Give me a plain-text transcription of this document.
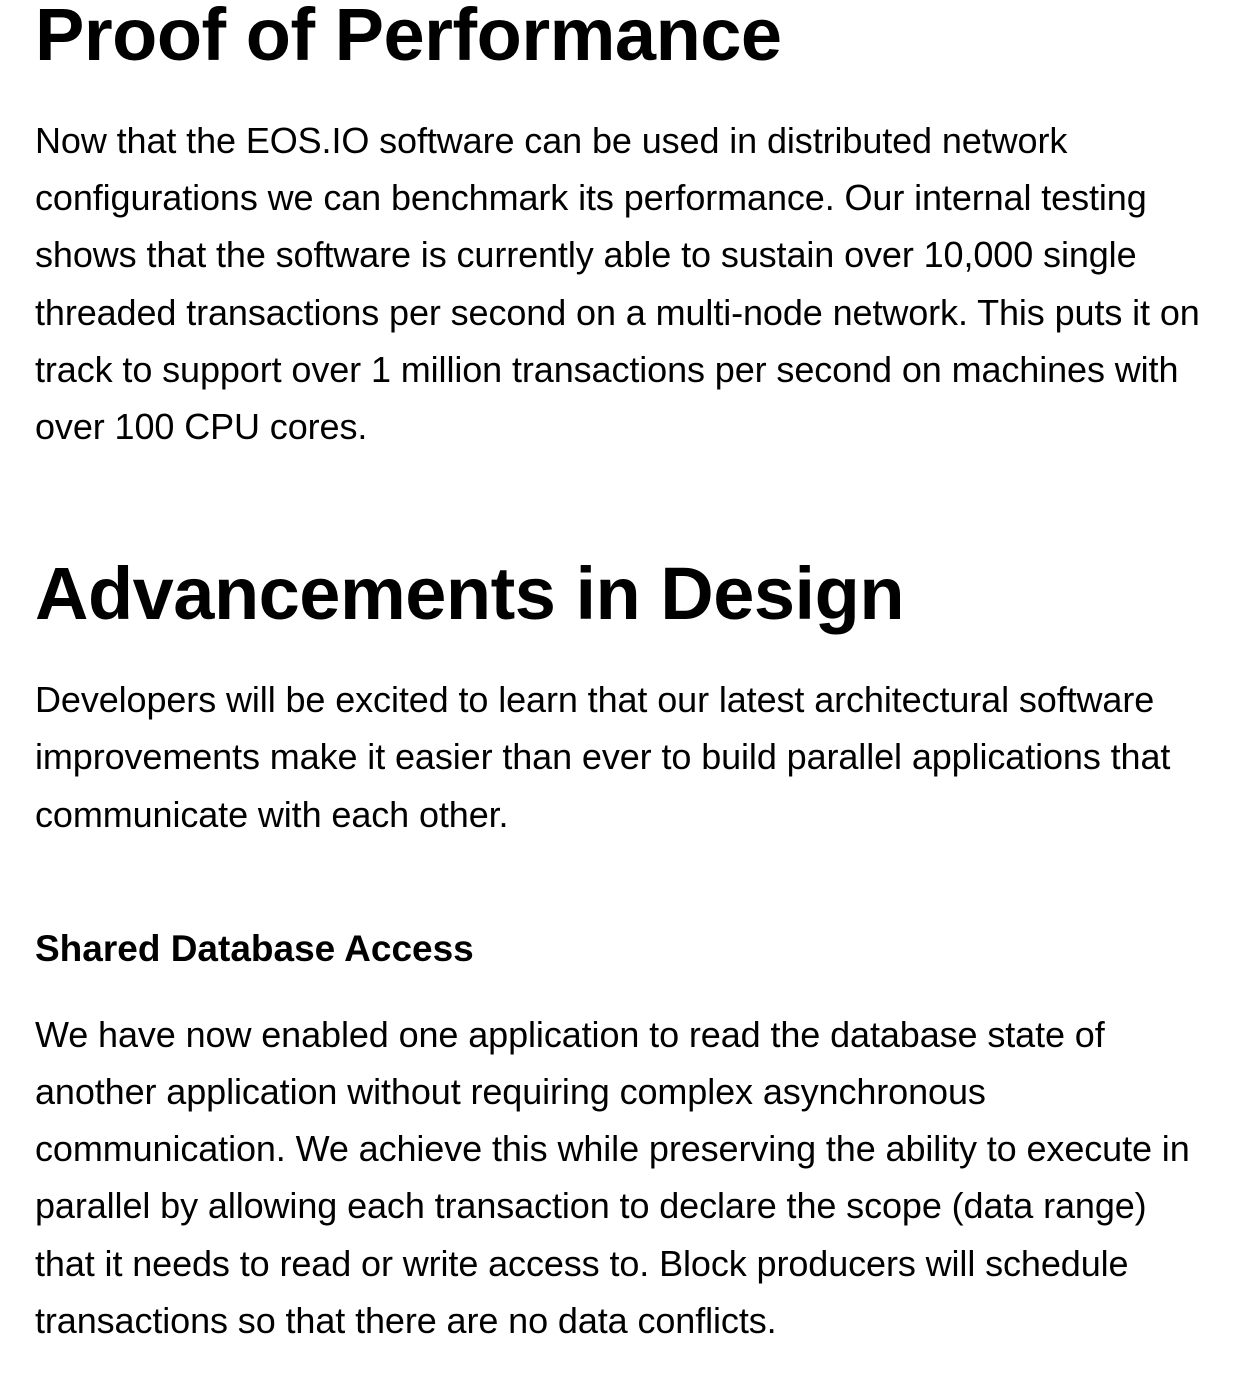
Proof of Performance

Now that the EOS.IO software can be used in distributed network configurations we can benchmark its performance. Our internal testing shows that the software is currently able to sustain over 10,000 single threaded transactions per second on a multi-node network. This puts it on track to support over 1 million transactions per second on machines with over 100 CPU cores.

Advancements in Design

Developers will be excited to learn that our latest architectural software improvements make it easier than ever to build parallel applications that communicate with each other.

Shared Database Access

We have now enabled one application to read the database state of another application without requiring complex asynchronous communication. We achieve this while preserving the ability to execute in parallel by allowing each transaction to declare the scope (data range) that it needs to read or write access to. Block producers will schedule transactions so that there are no data conflicts.
